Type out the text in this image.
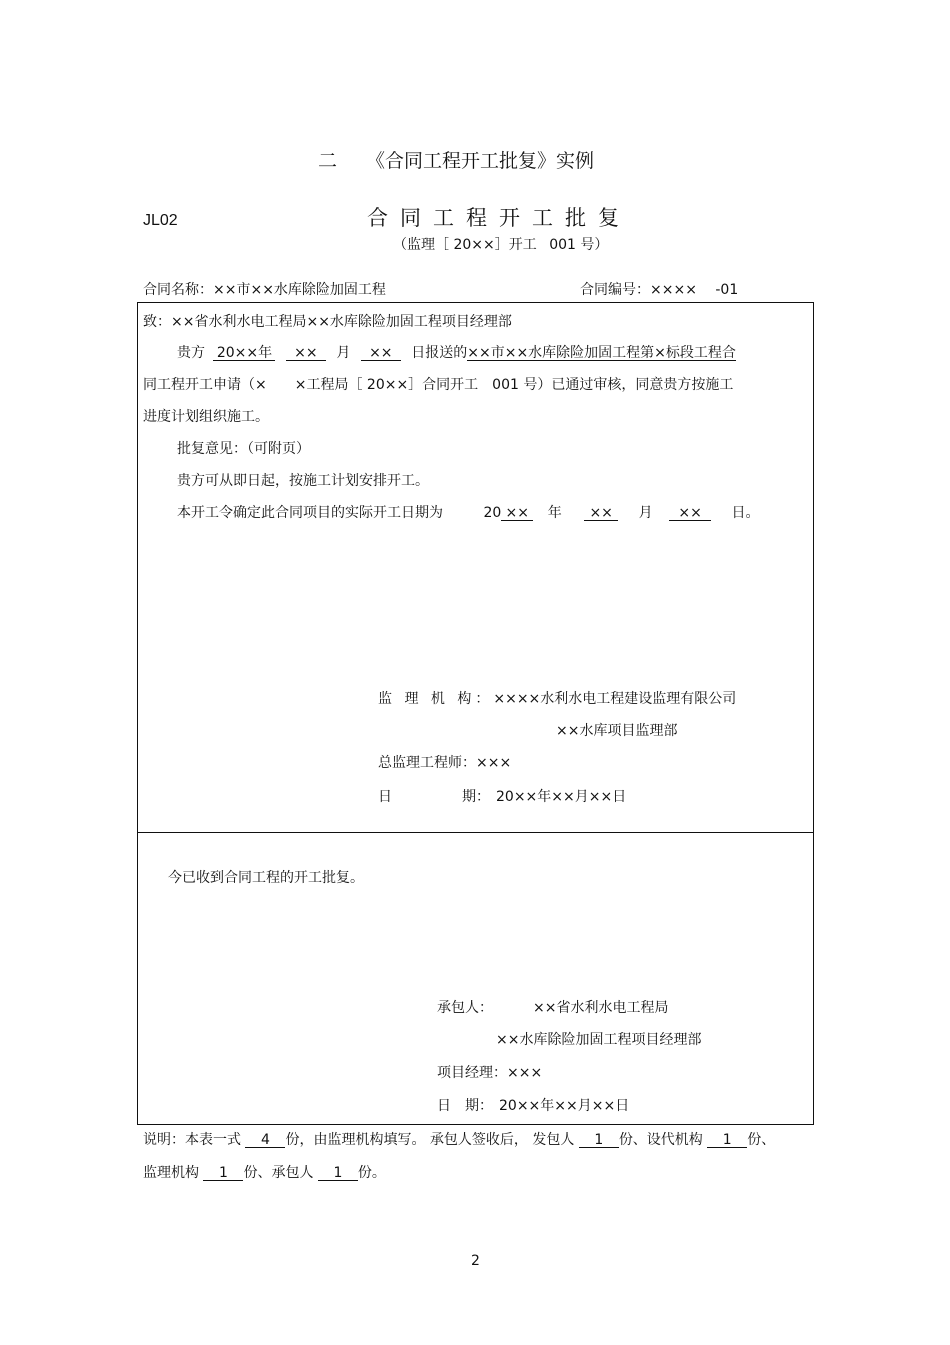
二 《合同工程开工批复》实例
JL02	合同工程开工批复
（监理［ 20××］开工 001 号）
合同名称：××市××水库除险加固工程	合同编号：×××× -01
致：××省水利水电工程局××水库除险加固工程项目经理部
贵方 20××年 ×× 月 ×× 日报送的××市××水库除险加固工程第×标段工程合
同工程开工申请（×　　×工程局［ 20××］合同开工　001 号）已通过审核，同意贵方按施工
进度计划组织施工。
批复意见：（可附页）
贵方可从即日起，按施工计划安排开工。
本开工令确定此合同项目的实际开工日期为	20 ×× 年 ×× 月 ×× 日。
监 理 机 构：××××水利水电工程建设监理有限公司
××水库项目监理部
总监理工程师：×××
日	期： 20××年××月××日
今已收到合同工程的开工批复。
承包人：	××省水利水电工程局
××水库除险加固工程项目经理部
项目经理：×××
日　期： 20××年××月××日
说明：本表一式 4 份，由监理机构填写。 承包人签收后， 发包人 1 份、设代机构 1 份、
监理机构 1 份、承包人 1 份。
2
